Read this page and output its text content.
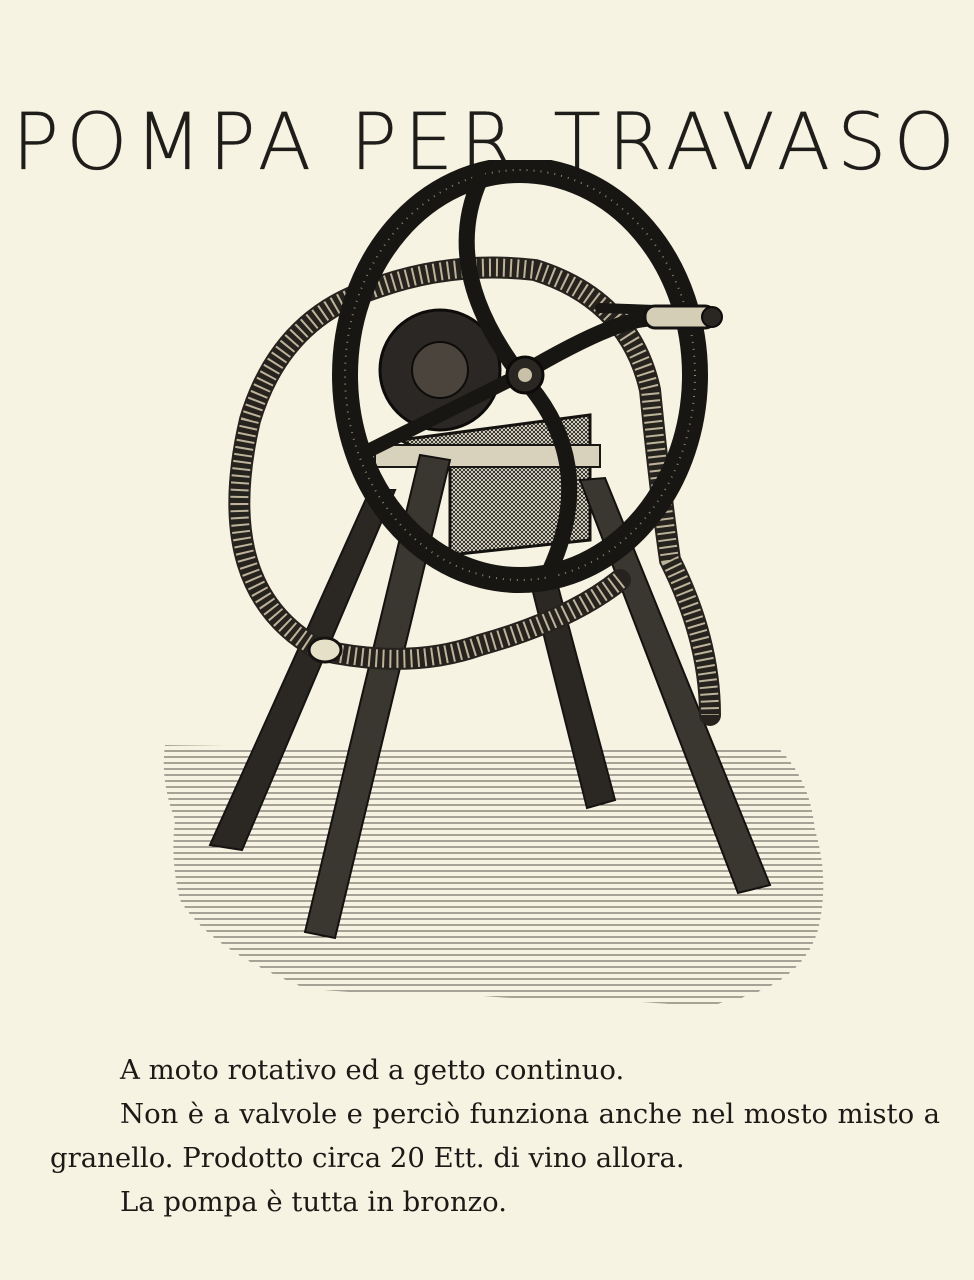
POMPA PER TRAVASO

A moto rotativo ed a getto continuo.

Non è a valvole e perciò funziona anche nel mosto misto a granello. Prodotto circa 20 Ett. di vino allora.

La pompa è tutta in bronzo.
